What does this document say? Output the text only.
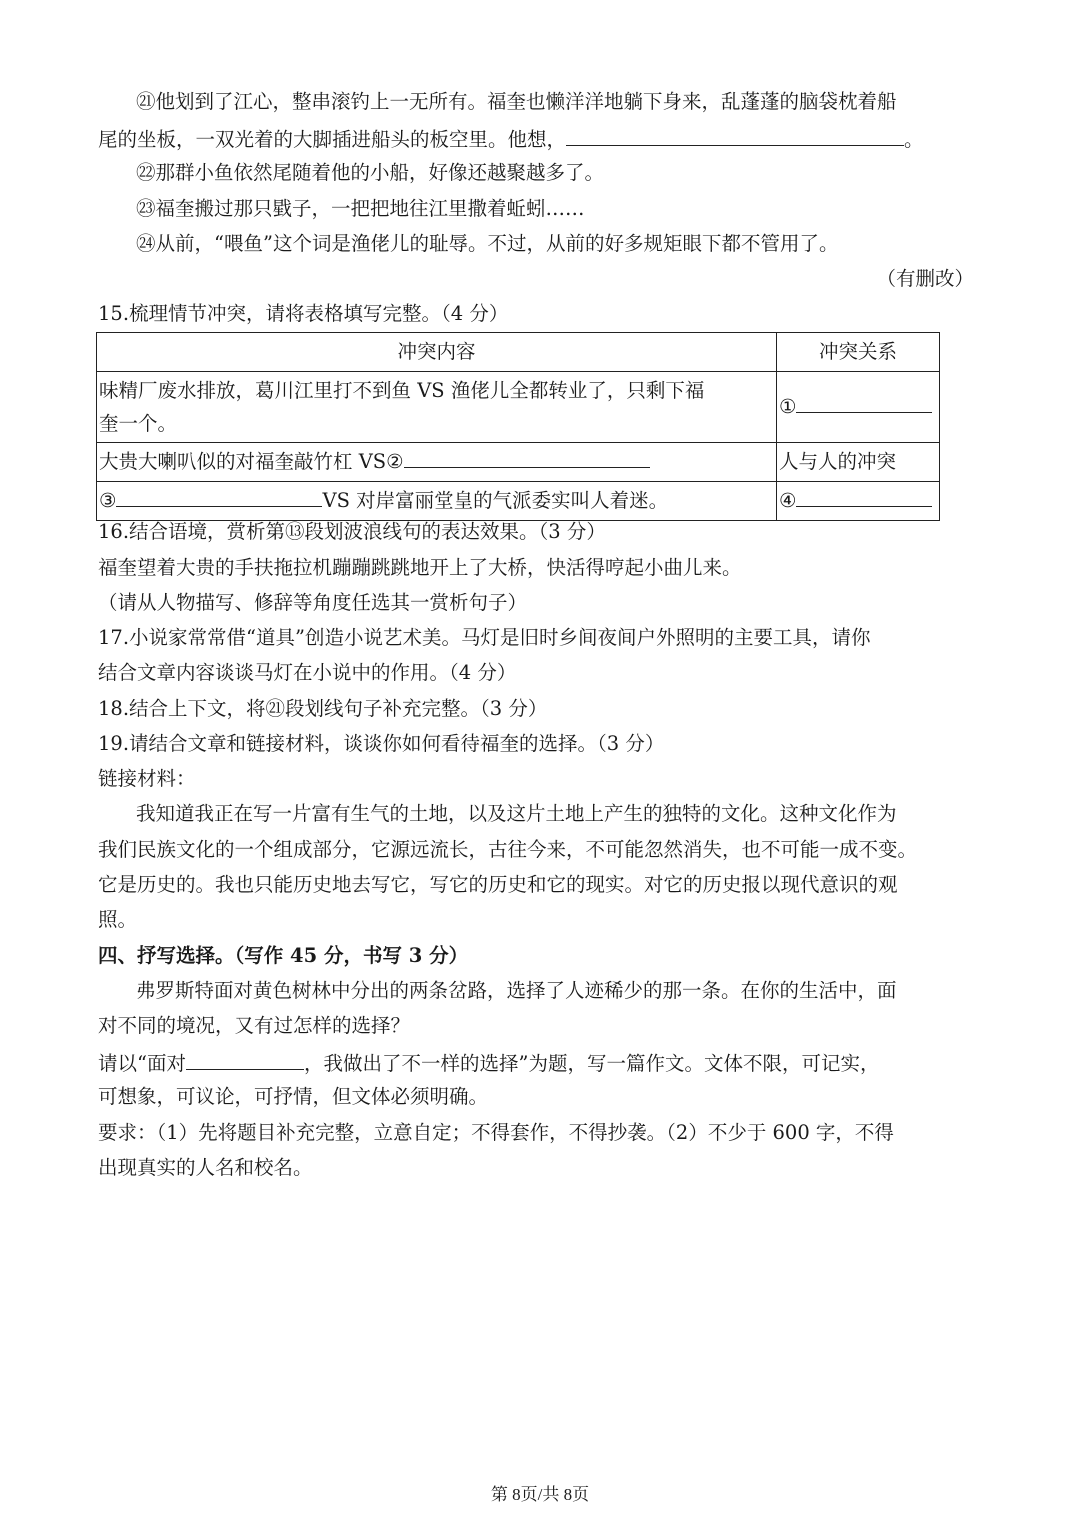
㉑他划到了江心，整串滚钓上一无所有。福奎也懒洋洋地躺下身来，乱蓬蓬的脑袋枕着船
尾的坐板，一双光着的大脚插进船头的板空里。他想，	。
㉒那群小鱼依然尾随着他的小船，好像还越聚越多了。
㉓福奎搬过那只戥子，一把把地往江里撒着蚯蚓……
㉔从前，“喂鱼”这个词是渔佬儿的耻辱。不过，从前的好多规矩眼下都不管用了。
（有删改）
15.梳理情节冲突，请将表格填写完整。（4 分）
冲突内容	冲突关系
味精厂废水排放，葛川江里打不到鱼 VS 渔佬儿全都转业了，只剩下福
奎一个。	①
大贵大喇叭似的对福奎敲竹杠 VS②	人与人的冲突
③ VS 对岸富丽堂皇的气派委实叫人着迷。	④
16.结合语境，赏析第⑬段划波浪线句的表达效果。（3 分）
福奎望着大贵的手扶拖拉机蹦蹦跳跳地开上了大桥，快活得哼起小曲儿来。
（请从人物描写、修辞等角度任选其一赏析句子）
17.小说家常常借“道具”创造小说艺术美。马灯是旧时乡间夜间户外照明的主要工具，请你
结合文章内容谈谈马灯在小说中的作用。（4 分）
18.结合上下文，将㉑段划线句子补充完整。（3 分）
19.请结合文章和链接材料，谈谈你如何看待福奎的选择。（3 分）
链接材料：
我知道我正在写一片富有生气的土地，以及这片土地上产生的独特的文化。这种文化作为
我们民族文化的一个组成部分，它源远流长，古往今来，不可能忽然消失，也不可能一成不变。
它是历史的。我也只能历史地去写它，写它的历史和它的现实。对它的历史报以现代意识的观
照。
四、抒写选择。（写作 45 分，书写 3 分）
弗罗斯特面对黄色树林中分出的两条岔路，选择了人迹稀少的那一条。在你的生活中，面
对不同的境况，又有过怎样的选择？
请以“面对	，我做出了不一样的选择”为题，写一篇作文。文体不限，可记实，
可想象，可议论，可抒情，但文体必须明确。
要求：（1）先将题目补充完整，立意自定；不得套作，不得抄袭。（2）不少于 600 字，不得
出现真实的人名和校名。
第 8页/共 8页
